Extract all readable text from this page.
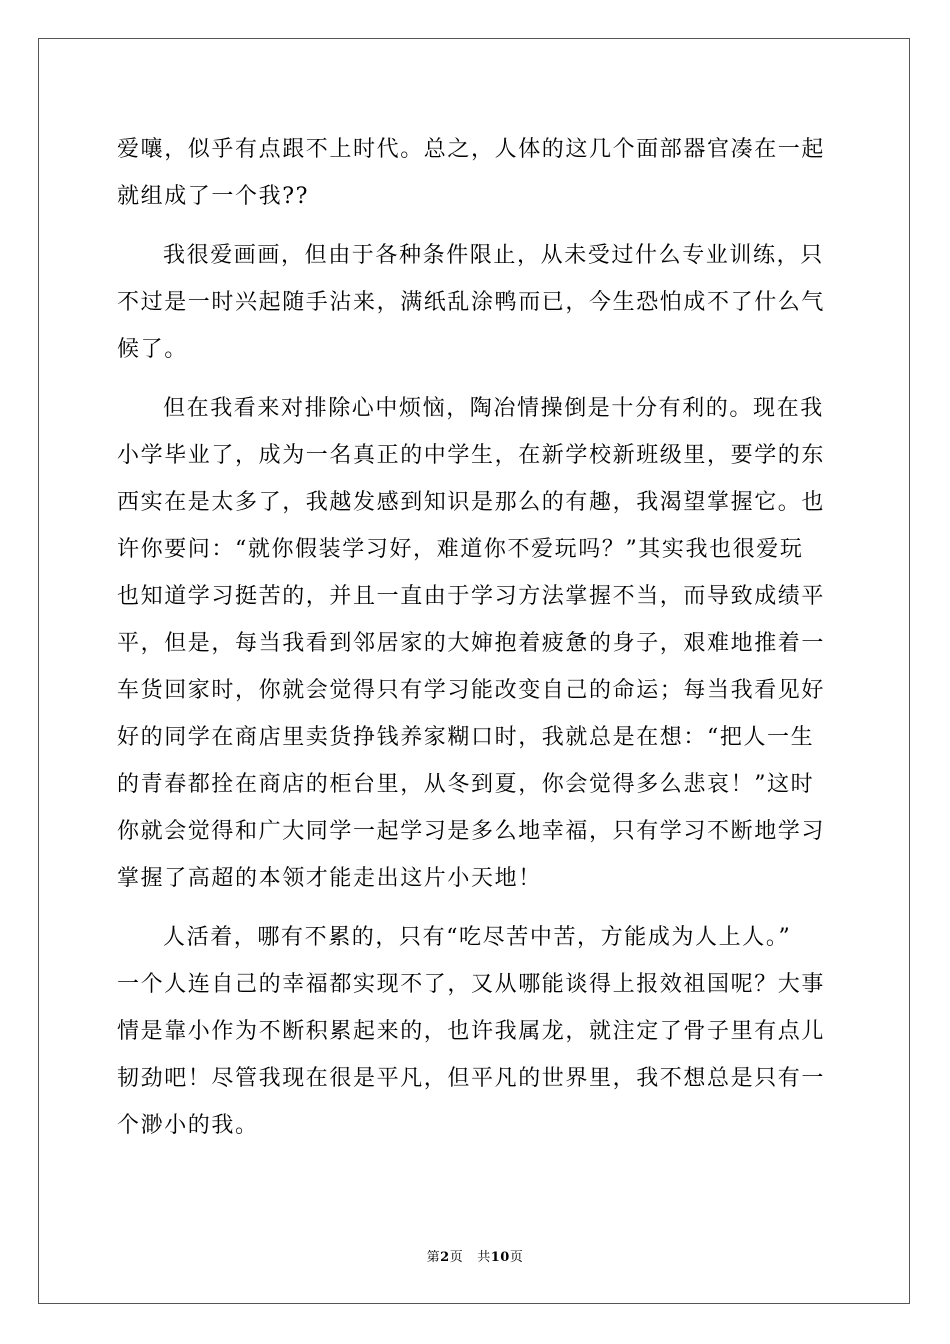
爱嚷，似乎有点跟不上时代。总之，人体的这几个面部器官凑在一起
就组成了一个我??
我很爱画画，但由于各种条件限止，从未受过什么专业训练，只
不过是一时兴起随手沾来，满纸乱涂鸭而已，今生恐怕成不了什么气
候了。
但在我看来对排除心中烦恼，陶冶情操倒是十分有利的。现在我
小学毕业了，成为一名真正的中学生，在新学校新班级里，要学的东
西实在是太多了，我越发感到知识是那么的有趣，我渴望掌握它。也
许你要问：“就你假装学习好，难道你不爱玩吗？”其实我也很爱玩
也知道学习挺苦的，并且一直由于学习方法掌握不当，而导致成绩平
平，但是，每当我看到邻居家的大婶抱着疲惫的身子，艰难地推着一
车货回家时，你就会觉得只有学习能改变自己的命运；每当我看见好
好的同学在商店里卖货挣钱养家糊口时，我就总是在想：“把人一生
的青春都拴在商店的柜台里，从冬到夏，你会觉得多么悲哀！”这时
你就会觉得和广大同学一起学习是多么地幸福，只有学习不断地学习
掌握了高超的本领才能走出这片小天地！
人活着，哪有不累的，只有“吃尽苦中苦，方能成为人上人。”
一个人连自己的幸福都实现不了，又从哪能谈得上报效祖国呢？大事
情是靠小作为不断积累起来的，也许我属龙，就注定了骨子里有点儿
韧劲吧！尽管我现在很是平凡，但平凡的世界里，我不想总是只有一
个渺小的我。
第2页 共10页
